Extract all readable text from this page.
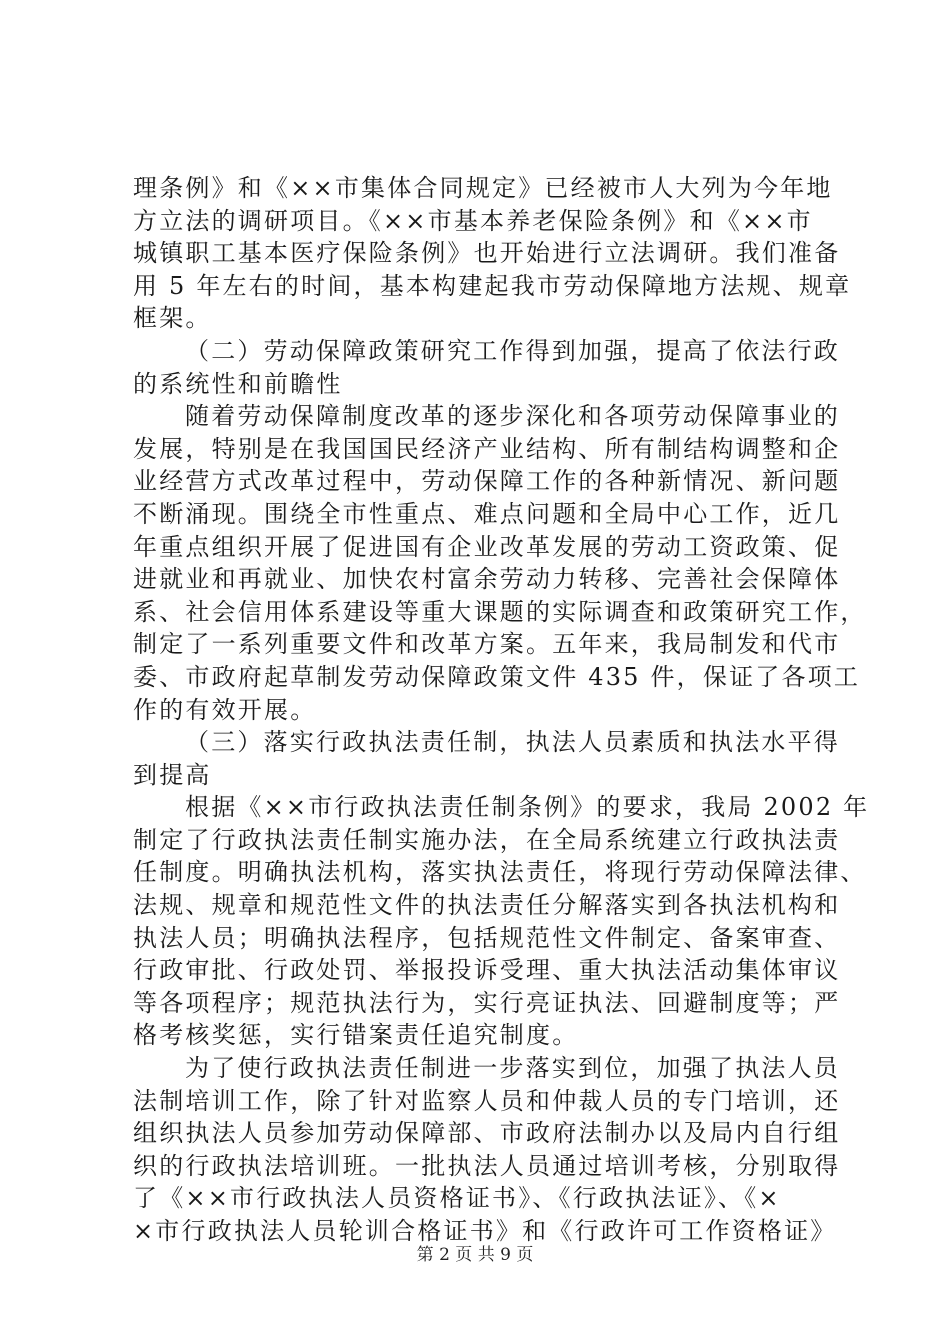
理条例》和《××市集体合同规定》已经被市人大列为今年地
方立法的调研项目。《××市基本养老保险条例》和《××市
城镇职工基本医疗保险条例》也开始进行立法调研。我们准备
用 5 年左右的时间，基本构建起我市劳动保障地方法规、规章
框架。
（二）劳动保障政策研究工作得到加强，提高了依法行政
的系统性和前瞻性
随着劳动保障制度改革的逐步深化和各项劳动保障事业的
发展，特别是在我国国民经济产业结构、所有制结构调整和企
业经营方式改革过程中，劳动保障工作的各种新情况、新问题
不断涌现。围绕全市性重点、难点问题和全局中心工作，近几
年重点组织开展了促进国有企业改革发展的劳动工资政策、促
进就业和再就业、加快农村富余劳动力转移、完善社会保障体
系、社会信用体系建设等重大课题的实际调查和政策研究工作，
制定了一系列重要文件和改革方案。五年来，我局制发和代市
委、市政府起草制发劳动保障政策文件 435 件，保证了各项工
作的有效开展。
（三）落实行政执法责任制，执法人员素质和执法水平得
到提高
根据《××市行政执法责任制条例》的要求，我局 2002 年
制定了行政执法责任制实施办法，在全局系统建立行政执法责
任制度。明确执法机构，落实执法责任，将现行劳动保障法律、
法规、规章和规范性文件的执法责任分解落实到各执法机构和
执法人员；明确执法程序，包括规范性文件制定、备案审查、
行政审批、行政处罚、举报投诉受理、重大执法活动集体审议
等各项程序；规范执法行为，实行亮证执法、回避制度等；严
格考核奖惩，实行错案责任追究制度。
为了使行政执法责任制进一步落实到位，加强了执法人员
法制培训工作，除了针对监察人员和仲裁人员的专门培训，还
组织执法人员参加劳动保障部、市政府法制办以及局内自行组
织的行政执法培训班。一批执法人员通过培训考核，分别取得
了《××市行政执法人员资格证书》、《行政执法证》、《×
×市行政执法人员轮训合格证书》和《行政许可工作资格证》
第 2 页 共 9 页
